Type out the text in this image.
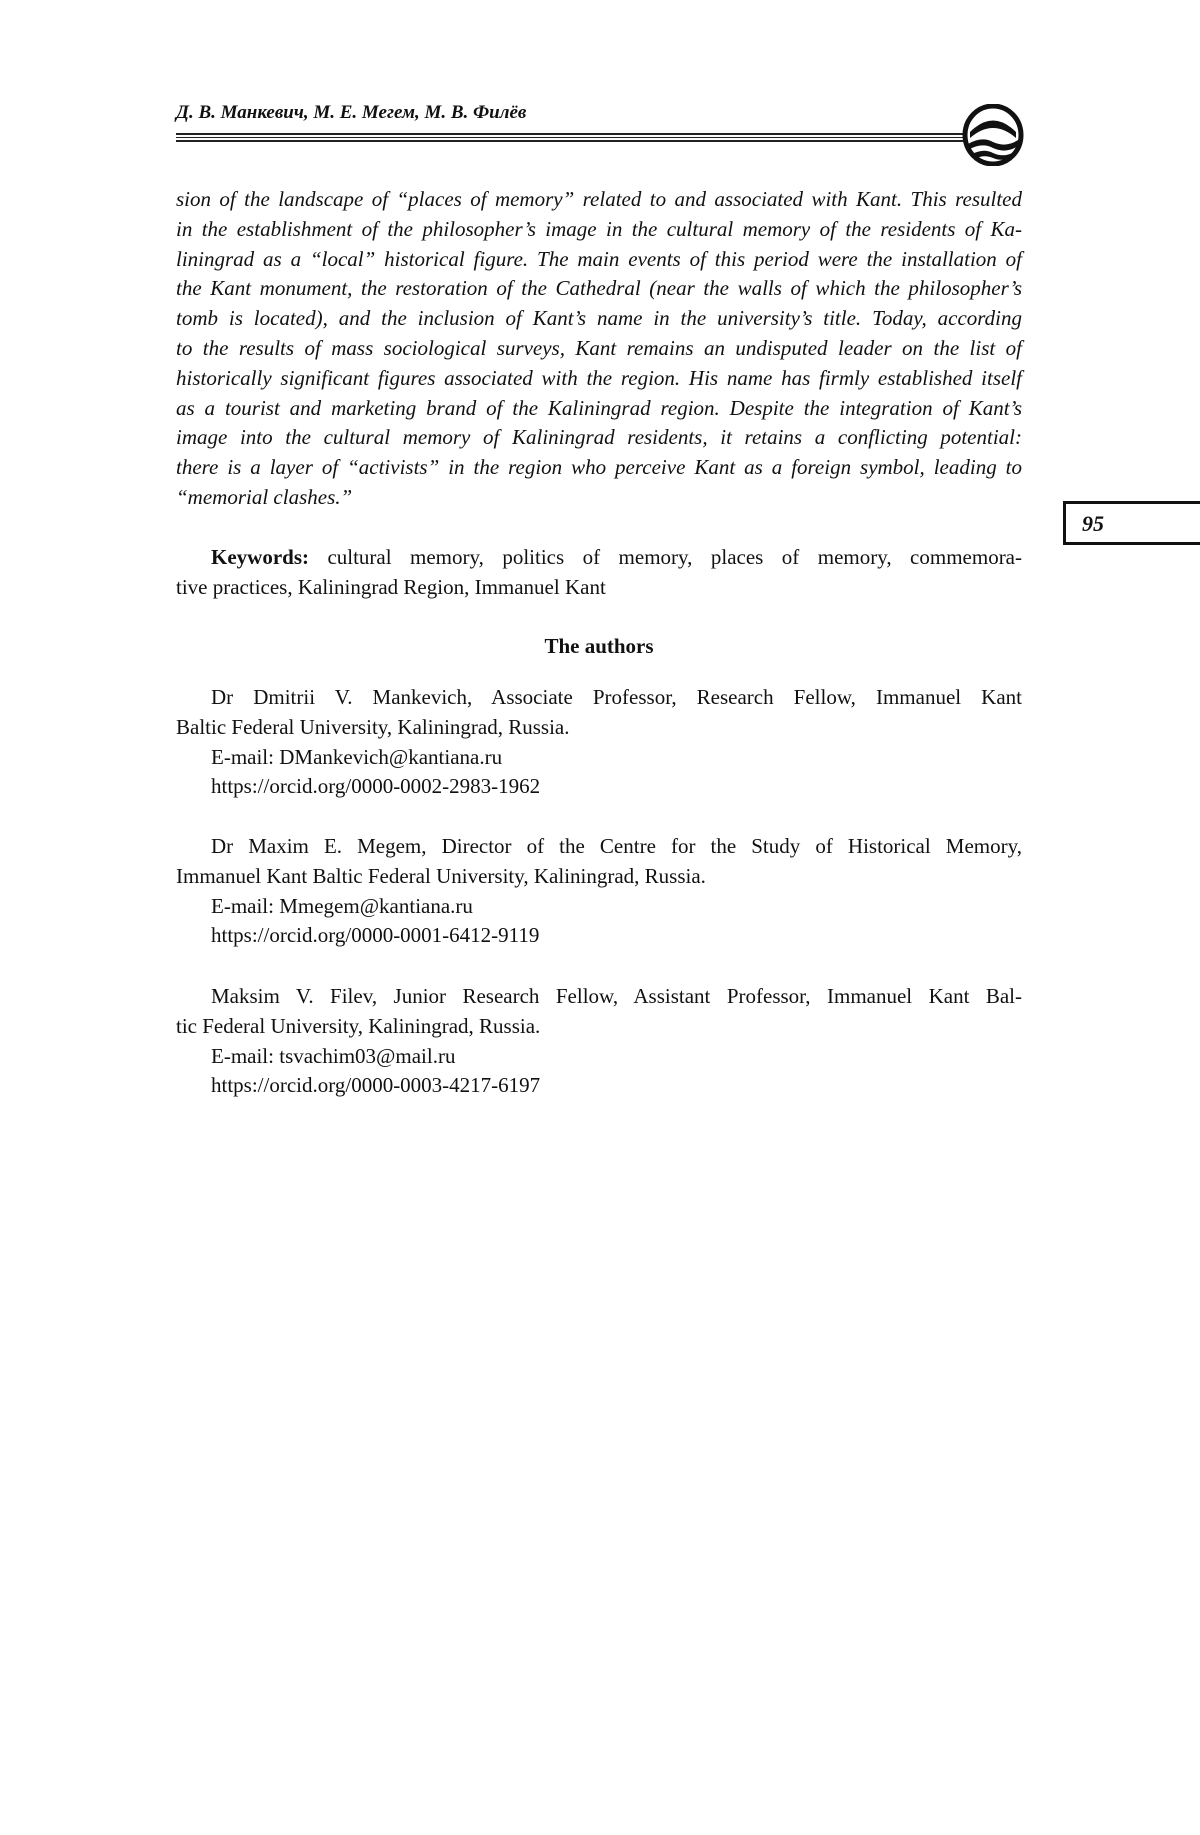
Д. В. Манкевич, М. Е. Мегем, М. В. Филёв
95
sion of the landscape of “places of memory” related to and associated with Kant. This resulted
in the establishment of the philosopher’s image in the cultural memory of the residents of Ka-
liningrad as a “local” historical figure. The main events of this period were the installation of
the Kant monument, the restoration of the Cathedral (near the walls of which the philosopher’s
tomb is located), and the inclusion of Kant’s name in the university’s title. Today, according
to the results of mass sociological surveys, Kant remains an undisputed leader on the list of
historically significant figures associated with the region. His name has firmly established itself
as a tourist and marketing brand of the Kaliningrad region. Despite the integration of Kant’s
image into the cultural memory of Kaliningrad residents, it retains a conflicting potential:
there is a layer of “activists” in the region who perceive Kant as a foreign symbol, leading to
“memorial clashes.”
Keywords: cultural memory, politics of memory, places of memory, commemora-
tive practices, Kaliningrad Region, Immanuel Kant
The authors
Dr Dmitrii V. Mankevich, Associate Professor, Research Fellow, Immanuel Kant
Baltic Federal University, Kaliningrad, Russia.
E-mail: DMankevich@kantiana.ru
https://orcid.org/0000-0002-2983-1962
Dr Maxim E. Megem, Director of the Centre for the Study of Historical Memory,
Immanuel Kant Baltic Federal University, Kaliningrad, Russia.
E-mail: Mmegem@kantiana.ru
https://orcid.org/0000-0001-6412-9119
Maksim V. Filev, Junior Research Fellow, Assistant Professor, Immanuel Kant Bal-
tic Federal University, Kaliningrad, Russia.
E-mail: tsvachim03@mail.ru
https://orcid.org/0000-0003-4217-6197
